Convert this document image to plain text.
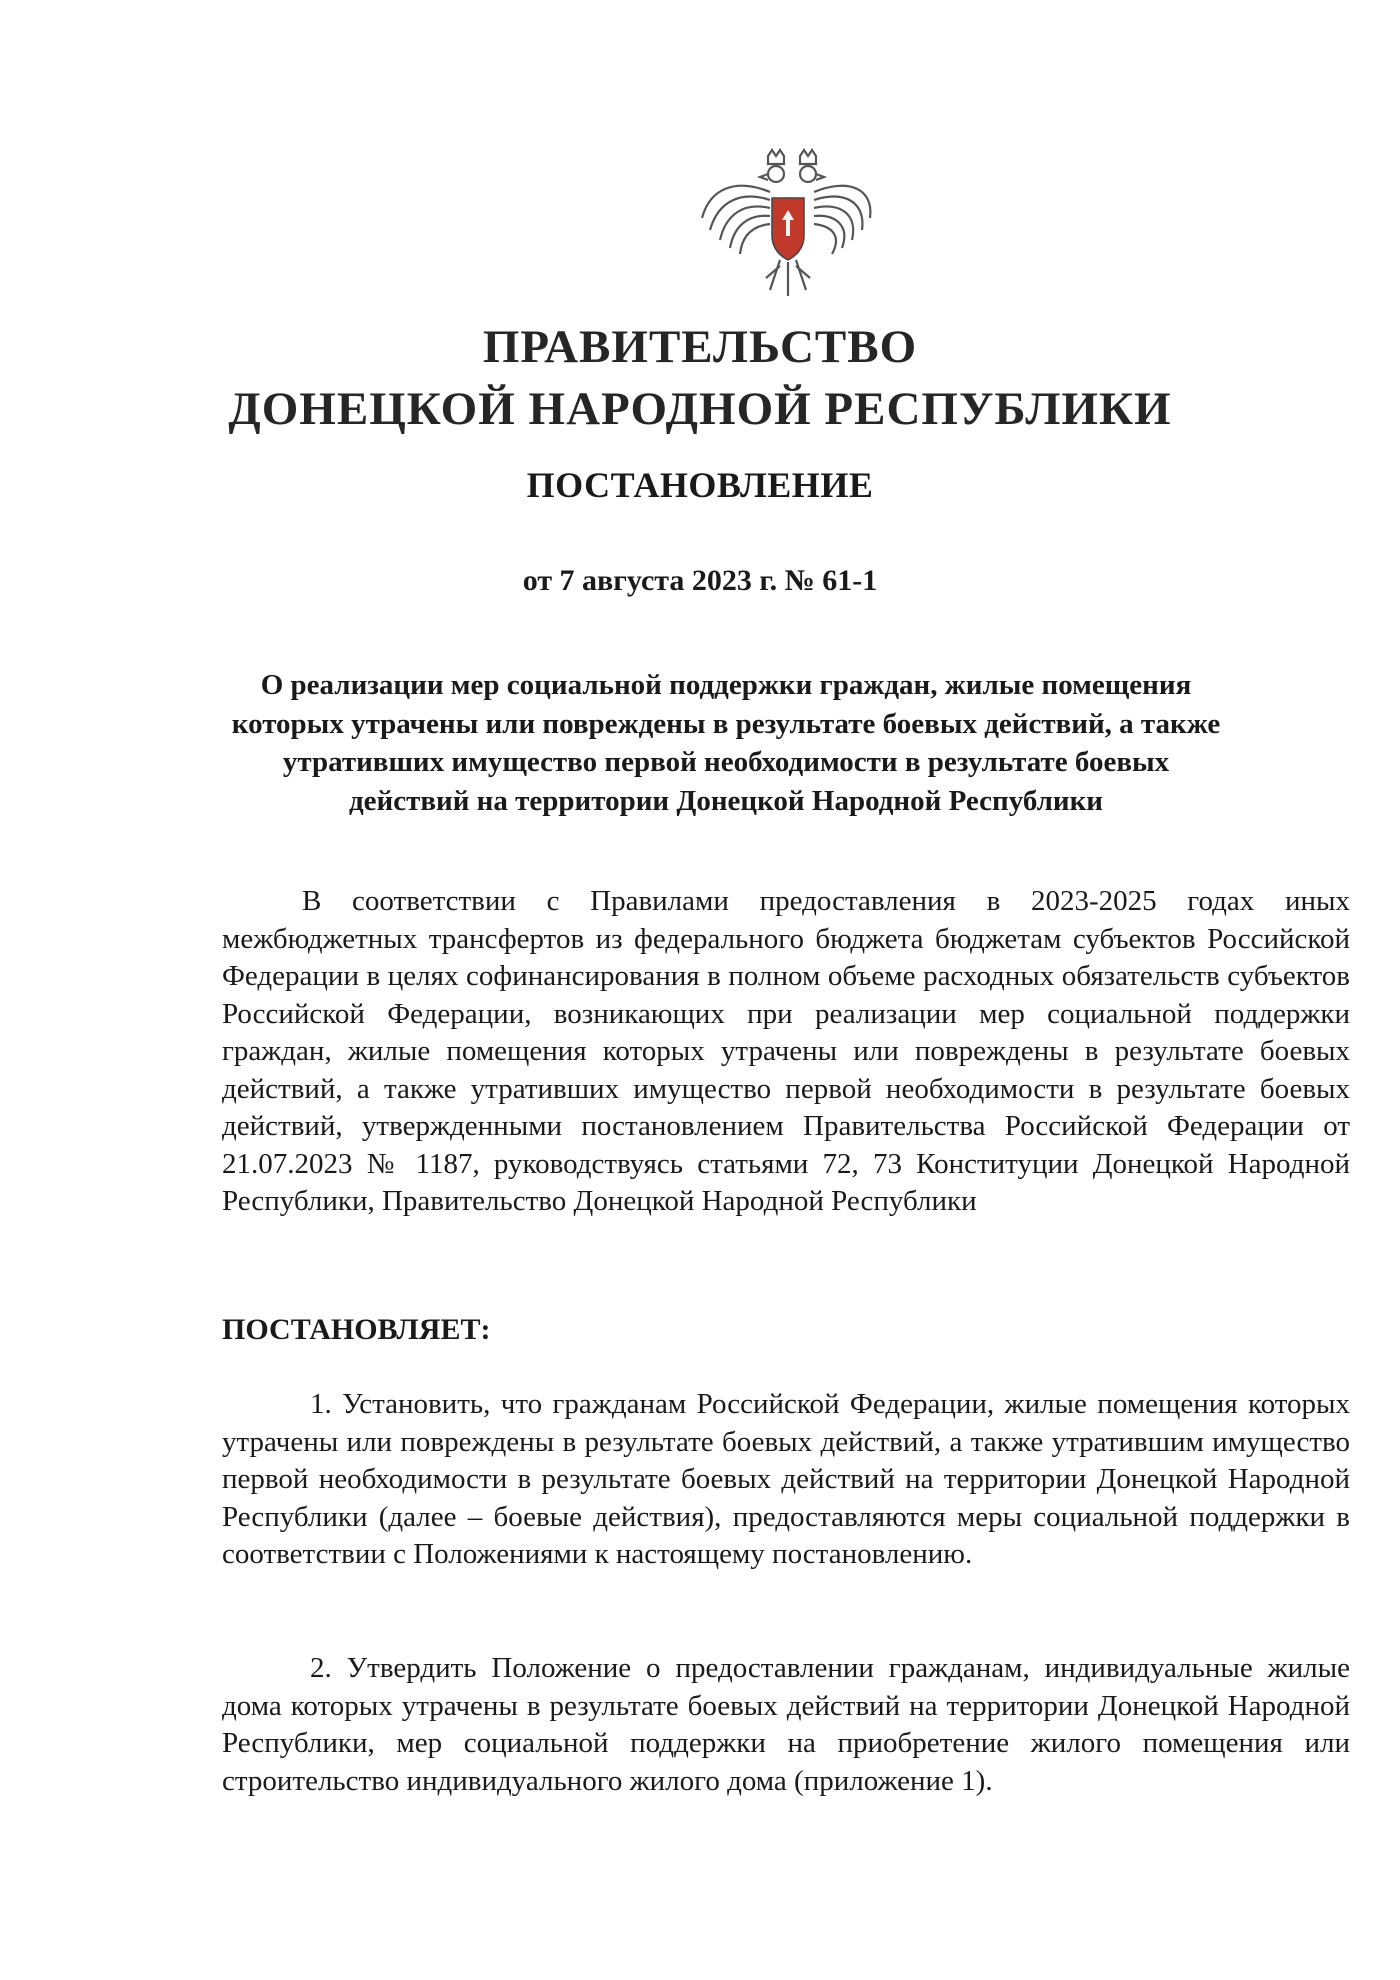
ПРАВИТЕЛЬСТВО
ДОНЕЦКОЙ НАРОДНОЙ РЕСПУБЛИКИ
ПОСТАНОВЛЕНИЕ
от 7 августа 2023 г. № 61-1
О реализации мер социальной поддержки граждан, жилые помещения
которых утрачены или повреждены в результате боевых действий, а также
утративших имущество первой необходимости в результате боевых
действий на территории Донецкой Народной Республики

В соответствии с Правилами предоставления в 2023-2025 годах иных межбюджетных трансфертов из федерального бюджета бюджетам субъектов Российской Федерации в целях софинансирования в полном объеме расходных обязательств субъектов Российской Федерации, возникающих при реализации мер социальной поддержки граждан, жилые помещения которых утрачены или повреждены в результате боевых действий, а также утративших имущество первой необходимости в результате боевых действий, утвержденными постановлением Правительства Российской Федерации от 21.07.2023 № 1187, руководствуясь статьями 72, 73 Конституции Донецкой Народной Республики, Правительство Донецкой Народной Республики

ПОСТАНОВЛЯЕТ:

1. Установить, что гражданам Российской Федерации, жилые помещения которых утрачены или повреждены в результате боевых действий, а также утратившим имущество первой необходимости в результате боевых действий на территории Донецкой Народной Республики (далее – боевые действия), предоставляются меры социальной поддержки в соответствии с Положениями к настоящему постановлению.

2. Утвердить Положение о предоставлении гражданам, индивидуальные жилые дома которых утрачены в результате боевых действий на территории Донецкой Народной Республики, мер социальной поддержки на приобретение жилого помещения или строительство индивидуального жилого дома (приложение 1).
